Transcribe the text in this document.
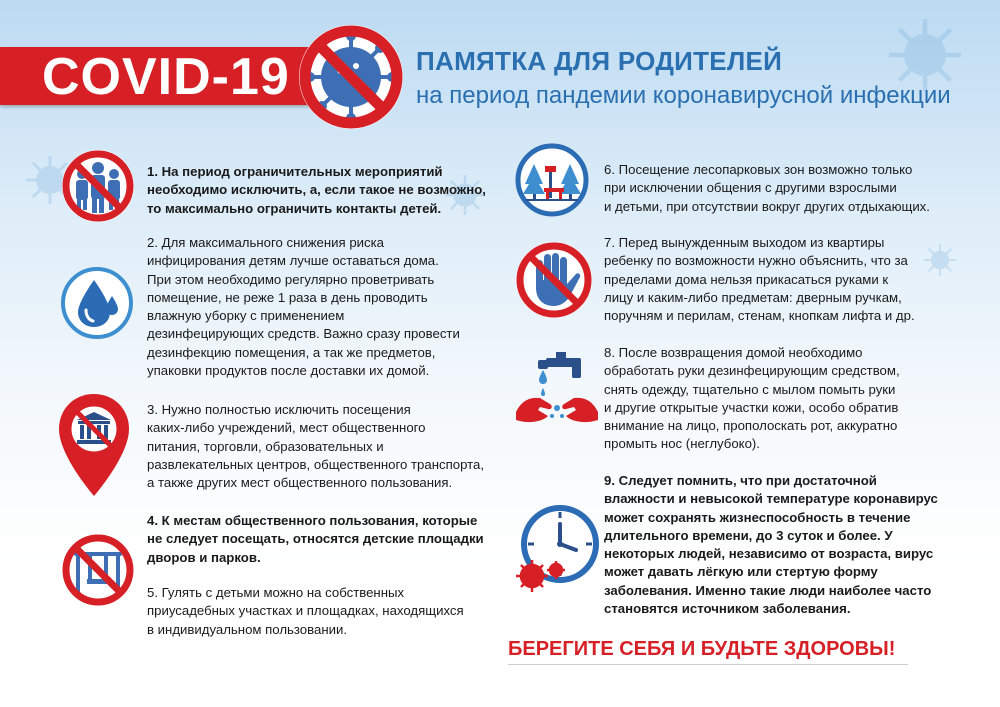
COVID-19	ПАМЯТКА ДЛЯ РОДИТЕЛЕЙ
на период пандемии коронавирусной инфекции
1. На период ограничительных мероприятий
необходимо исключить, а, если такое не возможно,
то максимально ограничить контакты детей.
2. Для максимального снижения риска
инфицирования детям лучше оставаться дома.
При этом необходимо регулярно проветривать
помещение, не реже 1 раза в день проводить
влажную уборку с применением
дезинфецирующих средств. Важно сразу провести
дезинфекцию помещения, а так же предметов,
упаковки продуктов после доставки их домой.
3. Нужно полностью исключить посещения
каких-либо учреждений, мест общественного
питания, торговли, образовательных и
развлекательных центров, общественного транспорта,
а также других мест общественного пользования.
4. К местам общественного пользования, которые
не следует посещать, относятся детские площадки
дворов и парков.
5. Гулять с детьми можно на собственных
приусадебных участках и площадках, находящихся
в индивидуальном пользовании.
6. Посещение лесопарковых зон возможно только
при исключении общения с другими взрослыми
и детьми, при отсутствии вокруг других отдыхающих.
7. Перед вынужденным выходом из квартиры
ребенку по возможности нужно объяснить, что за
пределами дома нельзя прикасаться руками к
лицу и каким-либо предметам: дверным ручкам,
поручням и перилам, стенам, кнопкам лифта и др.
8. После возвращения домой необходимо
обработать руки дезинфецирующим средством,
снять одежду, тщательно с мылом помыть руки
и другие открытые участки кожи, особо обратив
внимание на лицо, прополоскать рот, аккуратно
промыть нос (неглубоко).
9. Следует помнить, что при достаточной
влажности и невысокой температуре коронавирус
может сохранять жизнеспособность в течение
длительного времени, до 3 суток и более. У
некоторых людей, независимо от возраста, вирус
может давать лёгкую или стертую форму
заболевания. Именно такие люди наиболее часто
становятся источником заболевания.
БЕРЕГИТЕ СЕБЯ И БУДЬТЕ ЗДОРОВЫ!
